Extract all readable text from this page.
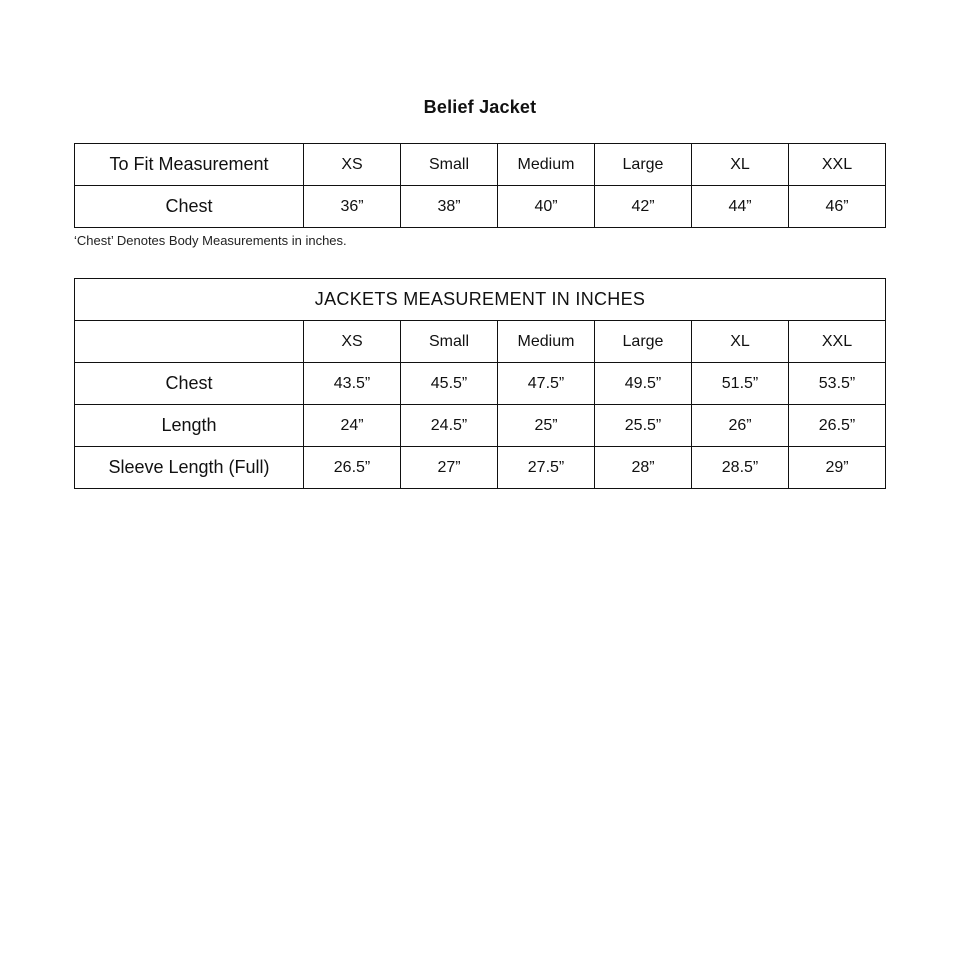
Belief Jacket
To Fit Measurement	XS	Small	Medium	Large	XL	XXL
Chest	36”	38”	40”	42”	44”	46”
‘Chest’ Denotes Body Measurements in inches.
JACKETS MEASUREMENT IN INCHES						
	XS	Small	Medium	Large	XL	XXL
Chest	43.5”	45.5”	47.5”	49.5”	51.5”	53.5”
Length	24”	24.5”	25”	25.5”	26”	26.5”
Sleeve Length (Full)	26.5”	27”	27.5”	28”	28.5”	29”
